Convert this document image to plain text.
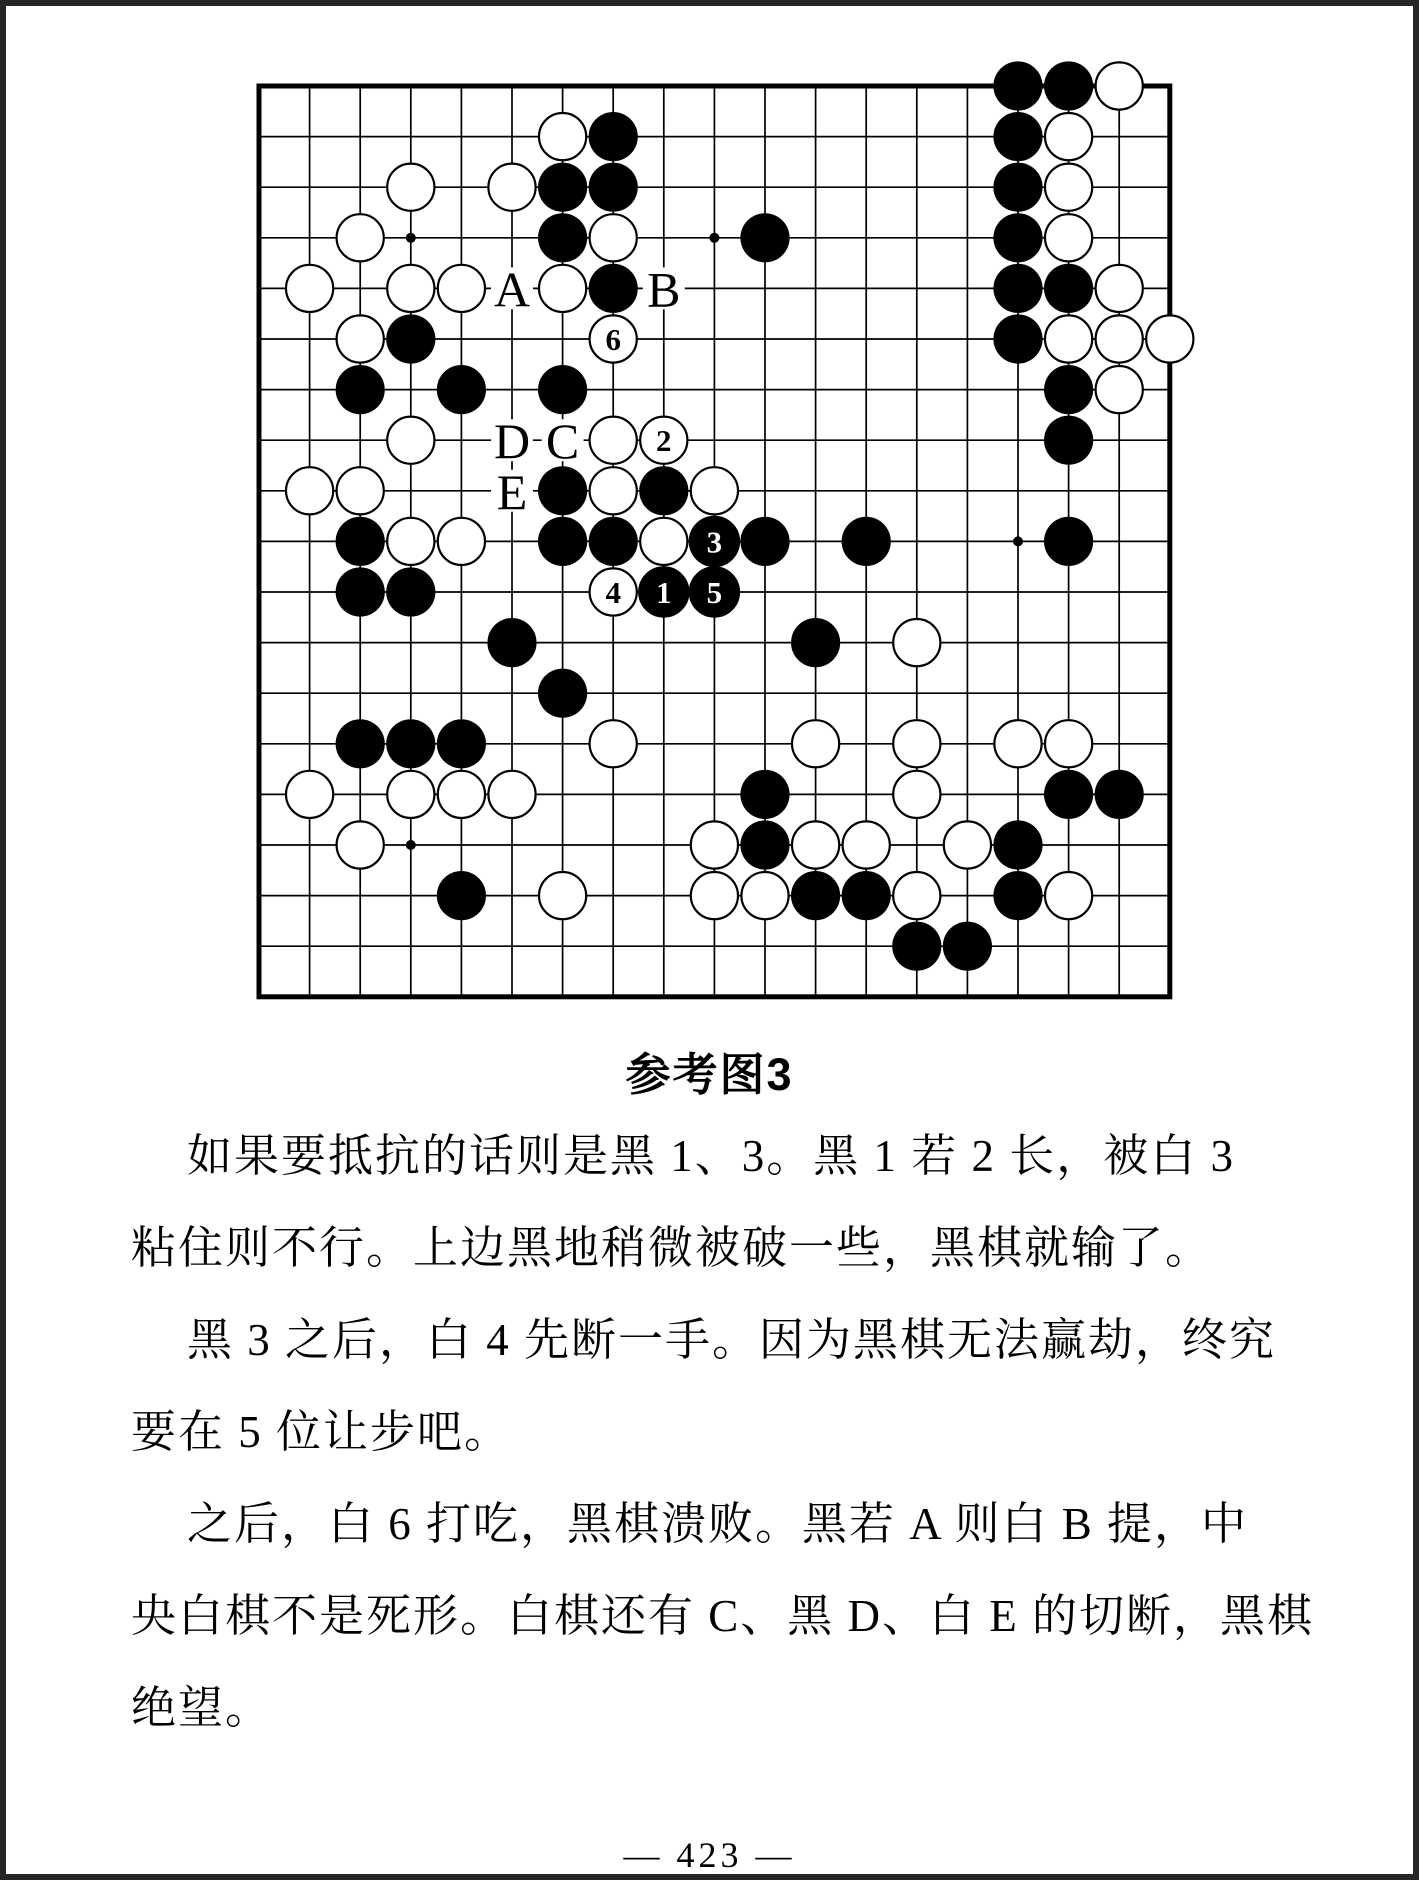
1
2
3
4	5
6
A B
C
D
E
参考图3
如果要抵抗的话则是黑 1、3。黑 1 若 2 长，被白 3
粘住则不行。上边黑地稍微被破一些，黑棋就输了。
黑 3 之后，白 4 先断一手。因为黑棋无法赢劫，终究
要在 5 位让步吧。
之后，白 6 打吃，黑棋溃败。黑若 A 则白 B 提，中
央白棋不是死形。白棋还有 C、黑 D、白 E 的切断，黑棋
绝望。
— 423 —
